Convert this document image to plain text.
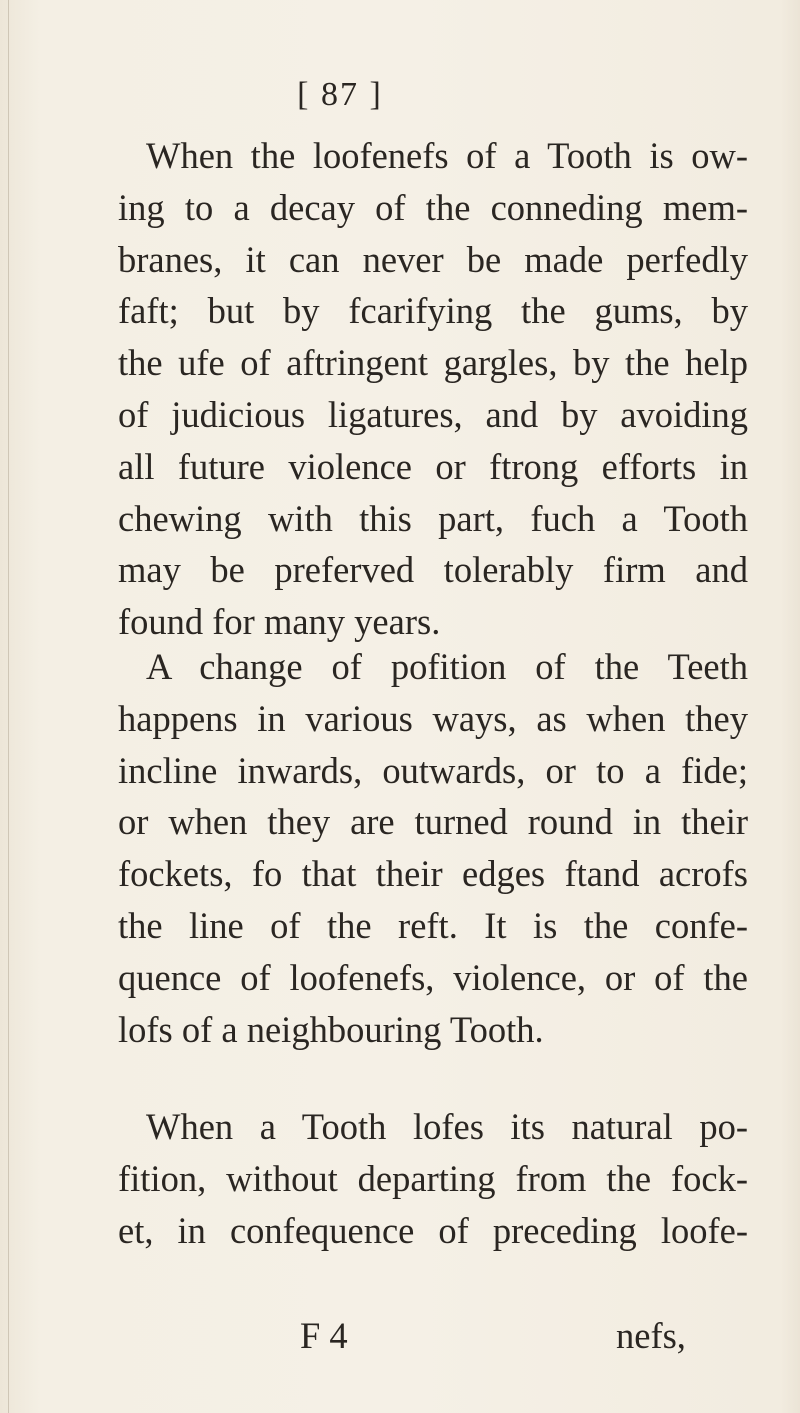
[ 87 ]
When the loofenefs of a Tooth is ow-
ing to a decay of the conneding mem-
branes, it can never be made perfedly
faft; but by fcarifying the gums, by
the ufe of aftringent gargles, by the help
of judicious ligatures, and by avoiding
all future violence or ftrong efforts in
chewing with this part, fuch a Tooth
may be preferved tolerably firm and
found for many years.
A change of pofition of the Teeth
happens in various ways, as when they
incline inwards, outwards, or to a fide;
or when they are turned round in their
fockets, fo that their edges ftand acrofs
the line of the reft. It is the confe-
quence of loofenefs, violence, or of the
lofs of a neighbouring Tooth.
When a Tooth lofes its natural po-
fition, without departing from the fock-
et, in confequence of preceding loofe-
F 4	nefs,
